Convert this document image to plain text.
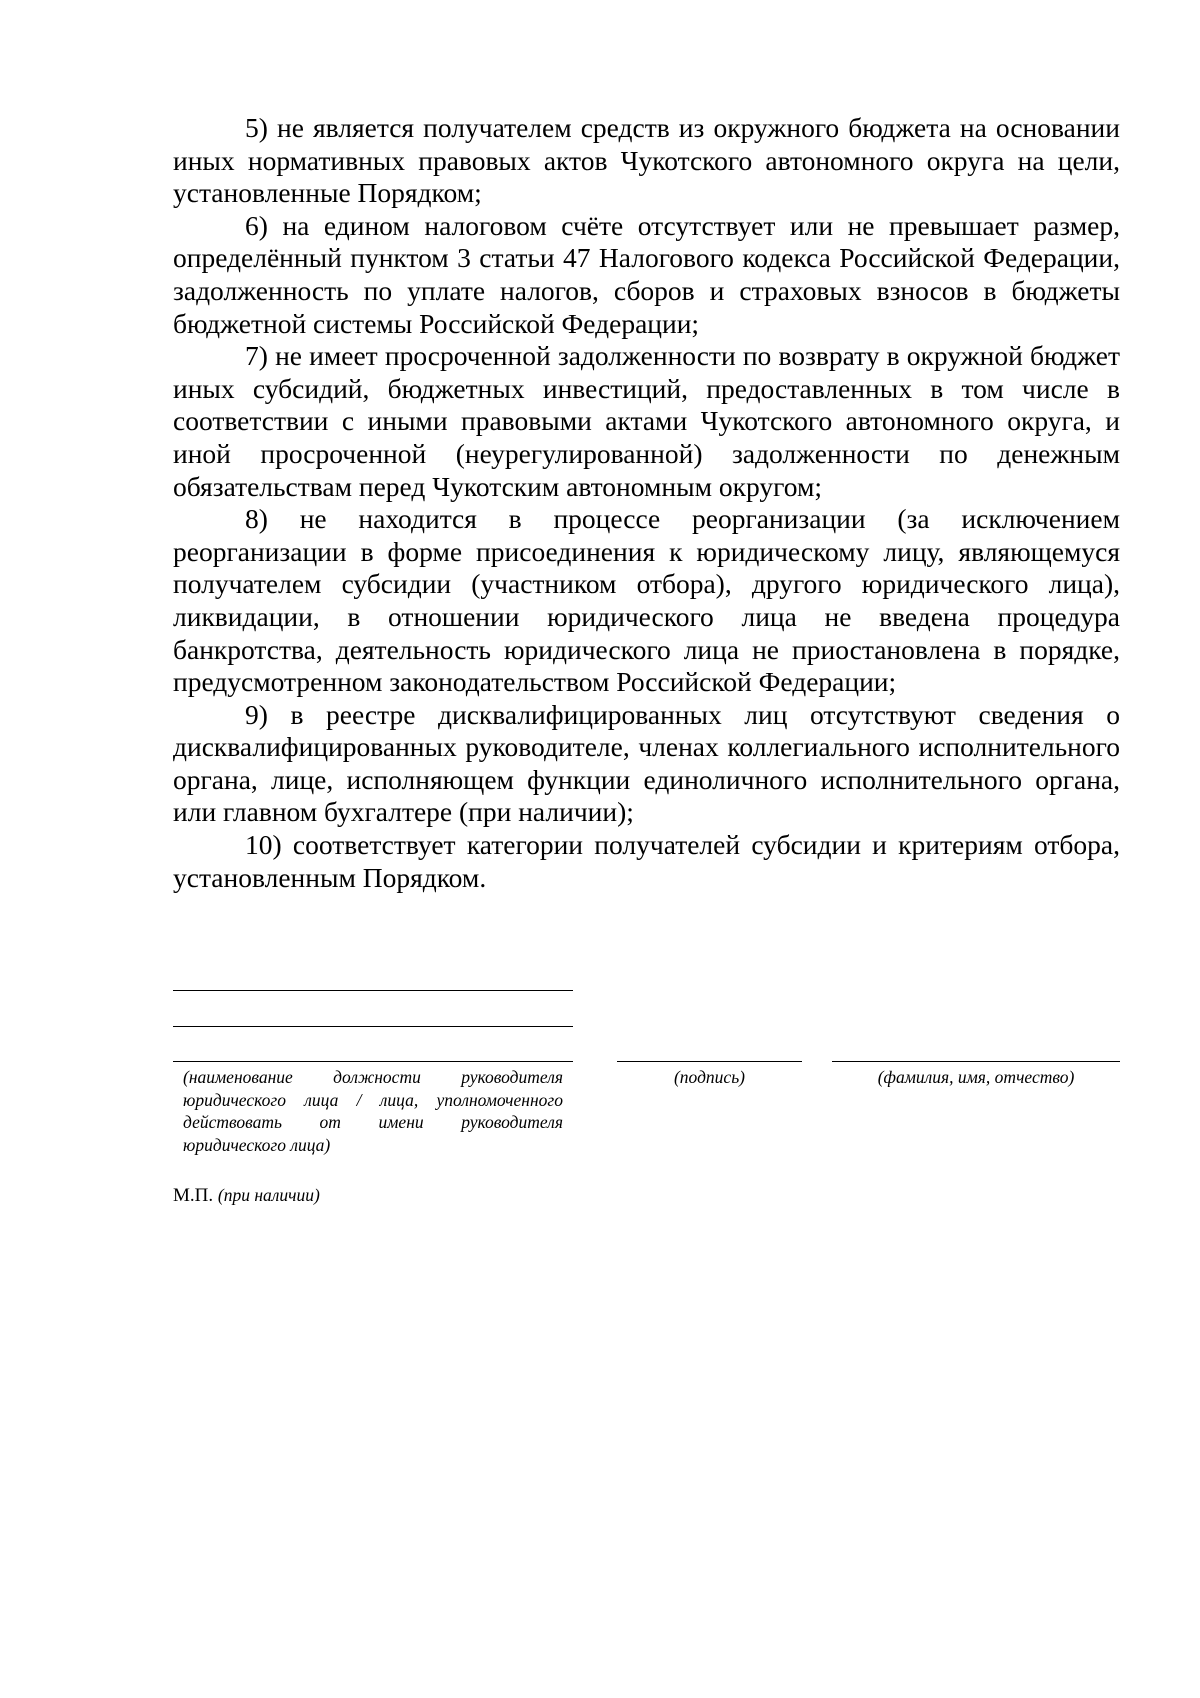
5) не является получателем средств из окружного бюджета на основании иных нормативных правовых актов Чукотского автономного округа на цели, установленные Порядком;

6) на едином налоговом счёте отсутствует или не превышает размер, определённый пунктом 3 статьи 47 Налогового кодекса Российской Федерации, задолженность по уплате налогов, сборов и страховых взносов в бюджеты бюджетной системы Российской Федерации;

7) не имеет просроченной задолженности по возврату в окружной бюджет иных субсидий, бюджетных инвестиций, предоставленных в том числе в соответствии с иными правовыми актами Чукотского автономного округа, и иной просроченной (неурегулированной) задолженности по денежным обязательствам перед Чукотским автономным округом;

8) не находится в процессе реорганизации (за исключением реорганизации в форме присоединения к юридическому лицу, являющемуся получателем субсидии (участником отбора), другого юридического лица), ликвидации, в отношении юридического лица не введена процедура банкротства, деятельность юридического лица не приостановлена в порядке, предусмотренном законодательством Российской Федерации;

9) в реестре дисквалифицированных лиц отсутствуют сведения о дисквалифицированных руководителе, членах коллегиального исполнительного органа, лице, исполняющем функции единоличного исполнительного органа, или главном бухгалтере (при наличии);

10) соответствует категории получателей субсидии и критериям отбора, установленным Порядком.

(наименование должности руководителя юридического лица / лица, уполномоченного действовать от имени руководителя юридического лица)
(подпись)	(фамилия, имя, отчество)
М.П. (при наличии)
